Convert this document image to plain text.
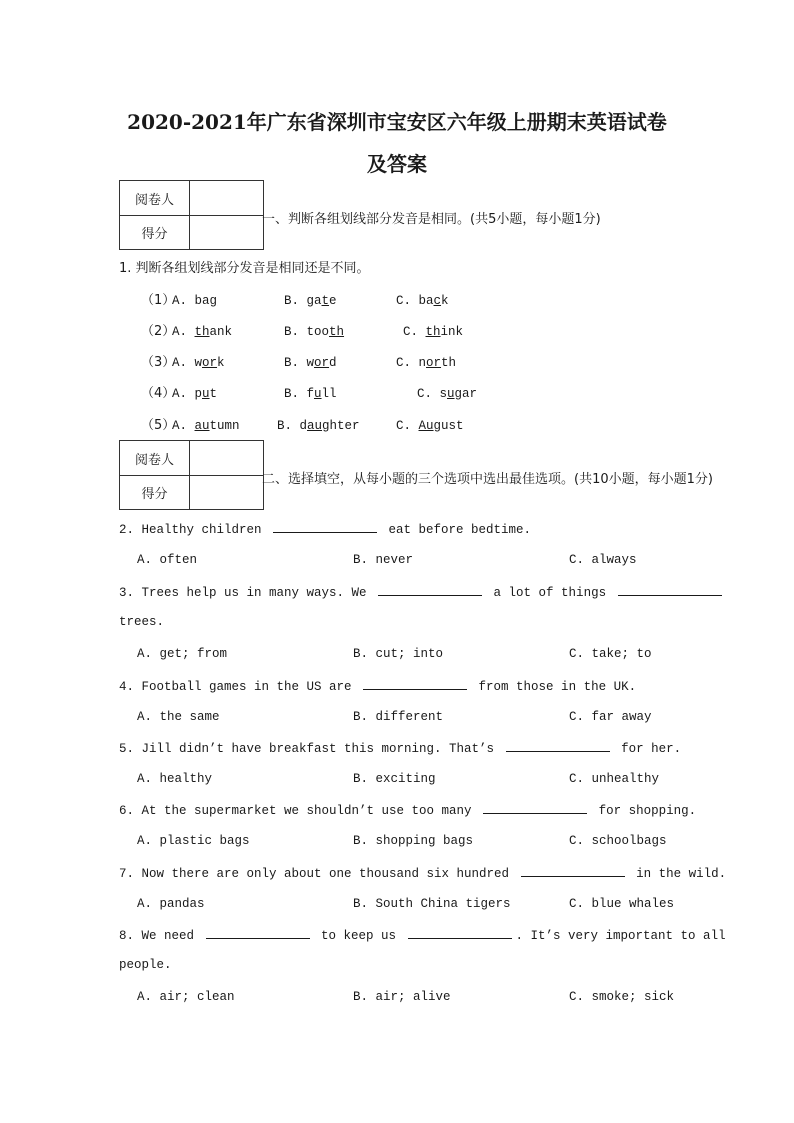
2020-2021年广东省深圳市宝安区六年级上册期末英语试卷
及答案
阅卷人
得分
一、判断各组划线部分发音是相同。(共5小题，每小题1分)
1. 判断各组划线部分发音是相同还是不同。
阅卷人
得分
二、选择填空，从每小题的三个选项中选出最佳选项。(共10小题，每小题1分)
（1）
A. bag	B. gate	C. back
（2）
A. thank	B. tooth	C. think
（3）
A. work	B. word	C. north
（4）
A. put	B. full	C. sugar
（5）
A. autumn	B. daughter	C. August
2. Healthy children	eat before bedtime.
A. often	B. never	C. always
3. Trees help us in many ways. We	a lot of things
trees.
A. get; from	B. cut; into	C. take; to
4. Football games in the US are	from those in the UK.
A. the same	B. different	C. far away
5. Jill didn’t have breakfast this morning. That’s	for her.
A. healthy	B. exciting	C. unhealthy
6. At the supermarket we shouldn’t use too many	for shopping.
A. plastic bags	B. shopping bags	C. schoolbags
7. Now there are only about one thousand six hundred	in the wild.
A. pandas	B. South China tigers	C. blue whales
8. We need	to keep us	. It’s very important to all
people.
A. air; clean	B. air; alive	C. smoke; sick
